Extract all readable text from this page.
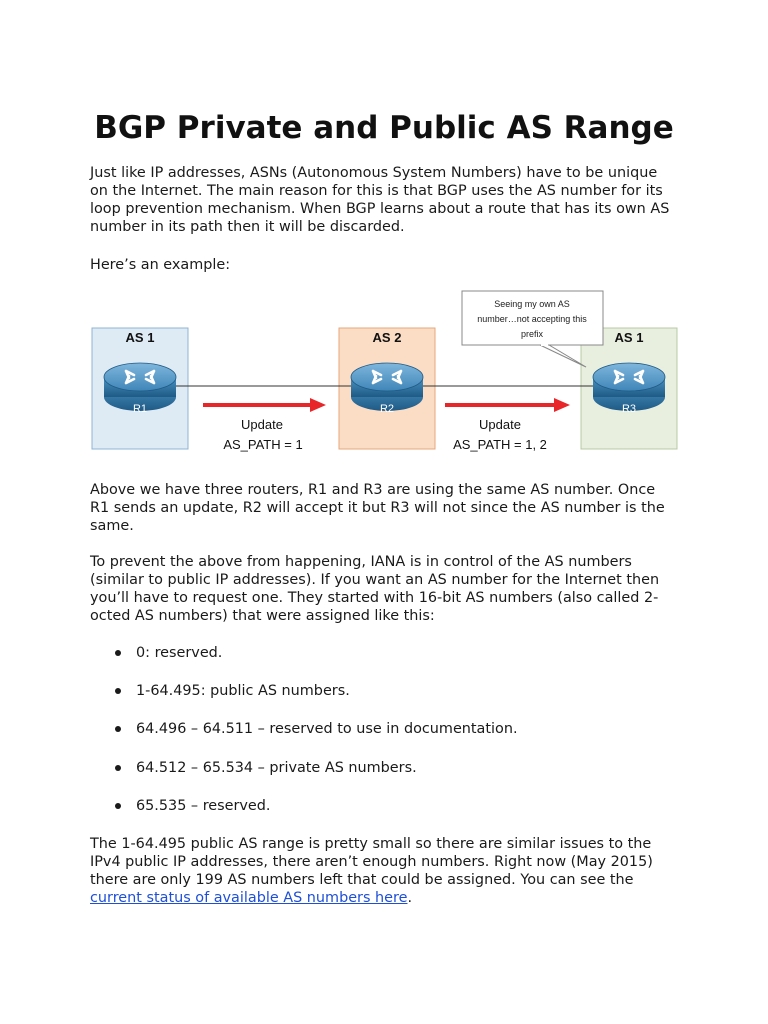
BGP Private and Public AS Range

Just like IP addresses, ASNs (Autonomous System Numbers) have to be unique on the Internet. The main reason for this is that BGP uses the AS number for its loop prevention mechanism. When BGP learns about a route that has its own AS number in its path then it will be discarded.

Here’s an example:

AS 1	AS 2	AS 1
R1	R2	R3
Update
AS_PATH = 1
Update
AS_PATH = 1, 2
Seeing my own AS
number…not accepting this
prefix

Above we have three routers, R1 and R3 are using the same AS number. Once R1 sends an update, R2 will accept it but R3 will not since the AS number is the same.

To prevent the above from happening, IANA is in control of the AS numbers (similar to public IP addresses). If you want an AS number for the Internet then you’ll have to request one. They started with 16-bit AS numbers (also called 2-octed AS numbers) that were assigned like this:

0: reserved.
1-64.495: public AS numbers.
64.496 – 64.511 – reserved to use in documentation.
64.512 – 65.534 – private AS numbers.
65.535 – reserved.

The 1-64.495 public AS range is pretty small so there are similar issues to the IPv4 public IP addresses, there aren’t enough numbers. Right now (May 2015) there are only 199 AS numbers left that could be assigned. You can see the current status of available AS numbers here.
